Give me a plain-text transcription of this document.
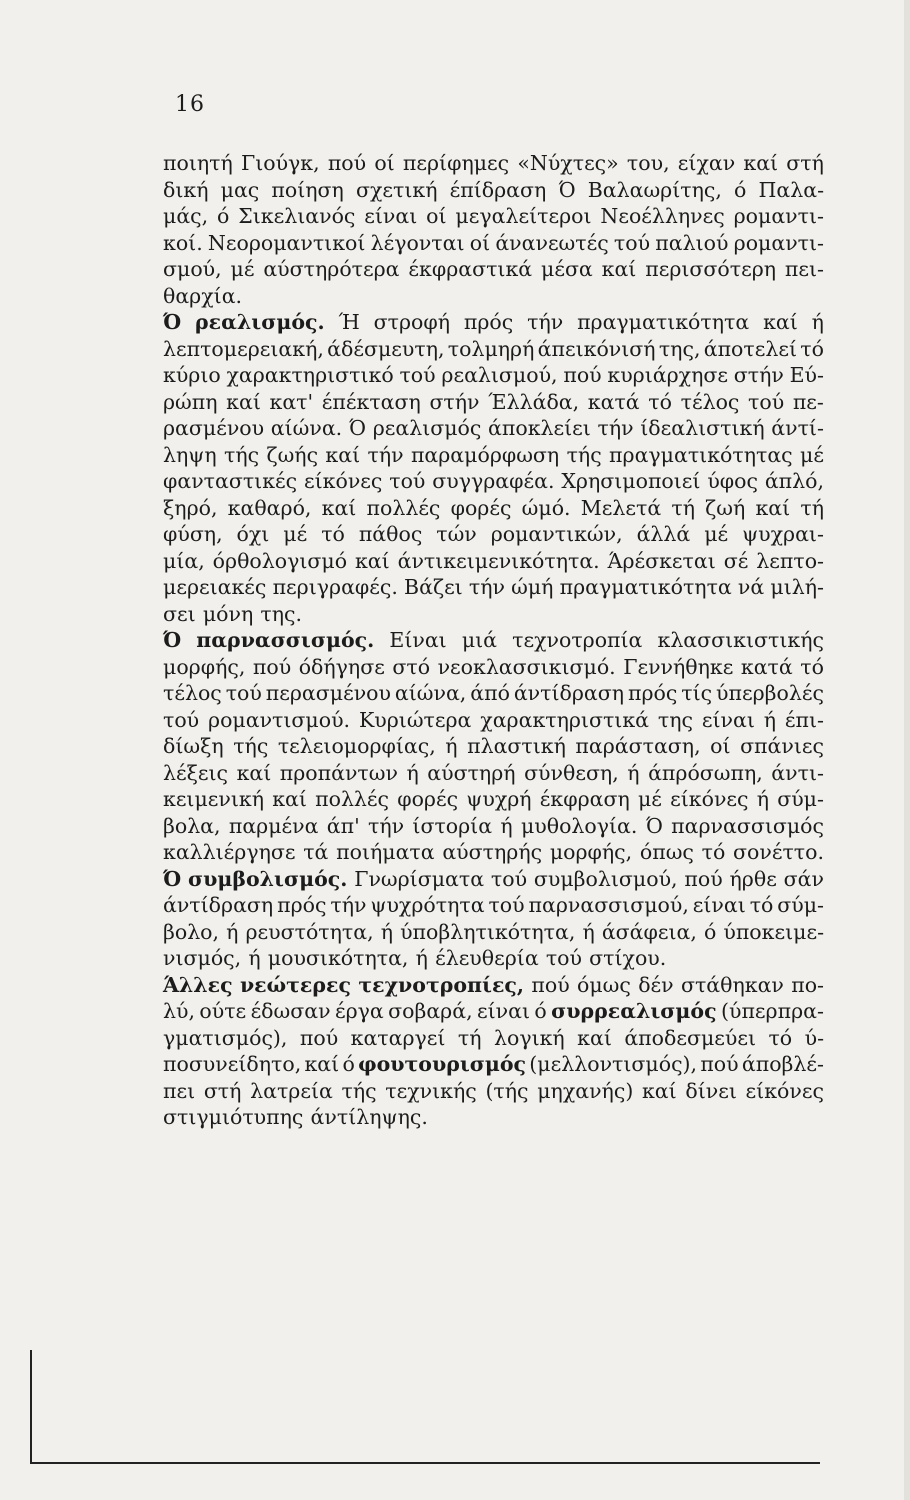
16
ποιητή Γιούγκ, πού οί περίφημες «Νύχτες» του, είχαν καί στή
δική μας ποίηση σχετική έπίδραση Ό Βαλαωρίτης, ό Παλα-
μάς, ό Σικελιανός είναι οί μεγαλείτεροι Νεοέλληνες ρομαντι-
κοί. Νεορομαντικοί λέγονται οί άνανεωτές τού παλιού ρομαντι-
σμού, μέ αύστηρότερα έκφραστικά μέσα καί περισσότερη πει-
θαρχία.
Ό ρεαλισμός. Ή στροφή πρός τήν πραγματικότητα καί ή
λεπτομερειακή, άδέσμευτη, τολμηρή άπεικόνισή της, άποτελεί τό
κύριο χαρακτηριστικό τού ρεαλισμού, πού κυριάρχησε στήν Εύ-
ρώπη καί κατ' έπέκταση στήν Έλλάδα, κατά τό τέλος τού πε-
ρασμένου αίώνα. Ό ρεαλισμός άποκλείει τήν ίδεαλιστική άντί-
ληψη τής ζωής καί τήν παραμόρφωση τής πραγματικότητας μέ
φανταστικές είκόνες τού συγγραφέα. Χρησιμοποιεί ύφος άπλό,
ξηρό, καθαρό, καί πολλές φορές ώμό. Μελετά τή ζωή καί τή
φύση, όχι μέ τό πάθος τών ρομαντικών, άλλά μέ ψυχραι-
μία, όρθολογισμό καί άντικειμενικότητα. Άρέσκεται σέ λεπτο-
μερειακές περιγραφές. Βάζει τήν ώμή πραγματικότητα νά μιλή-
σει μόνη της.
Ό παρνασσισμός. Είναι μιά τεχνοτροπία κλασσικιστικής
μορφής, πού όδήγησε στό νεοκλασσικισμό. Γεννήθηκε κατά τό
τέλος τού περασμένου αίώνα, άπό άντίδραση πρός τίς ύπερβολές
τού ρομαντισμού. Κυριώτερα χαρακτηριστικά της είναι ή έπι-
δίωξη τής τελειομορφίας, ή πλαστική παράσταση, οί σπάνιες
λέξεις καί προπάντων ή αύστηρή σύνθεση, ή άπρόσωπη, άντι-
κειμενική καί πολλές φορές ψυχρή έκφραση μέ είκόνες ή σύμ-
βολα, παρμένα άπ' τήν ίστορία ή μυθολογία. Ό παρνασσισμός
καλλιέργησε τά ποιήματα αύστηρής μορφής, όπως τό σονέττο.
Ό συμβολισμός. Γνωρίσματα τού συμβολισμού, πού ήρθε σάν
άντίδραση πρός τήν ψυχρότητα τού παρνασσισμού, είναι τό σύμ-
βολο, ή ρευστότητα, ή ύποβλητικότητα, ή άσάφεια, ό ύποκειμε-
νισμός, ή μουσικότητα, ή έλευθερία τού στίχου.
Άλλες νεώτερες τεχνοτροπίες, πού όμως δέν στάθηκαν πο-
λύ, ούτε έδωσαν έργα σοβαρά, είναι ό συρρεαλισμός (ύπερπρα-
γματισμός), πού καταργεί τή λογική καί άποδεσμεύει τό ύ-
ποσυνείδητο, καί ό φουτουρισμός (μελλοντισμός), πού άποβλέ-
πει στή λατρεία τής τεχνικής (τής μηχανής) καί δίνει είκόνες
στιγμιότυπης άντίληψης.
